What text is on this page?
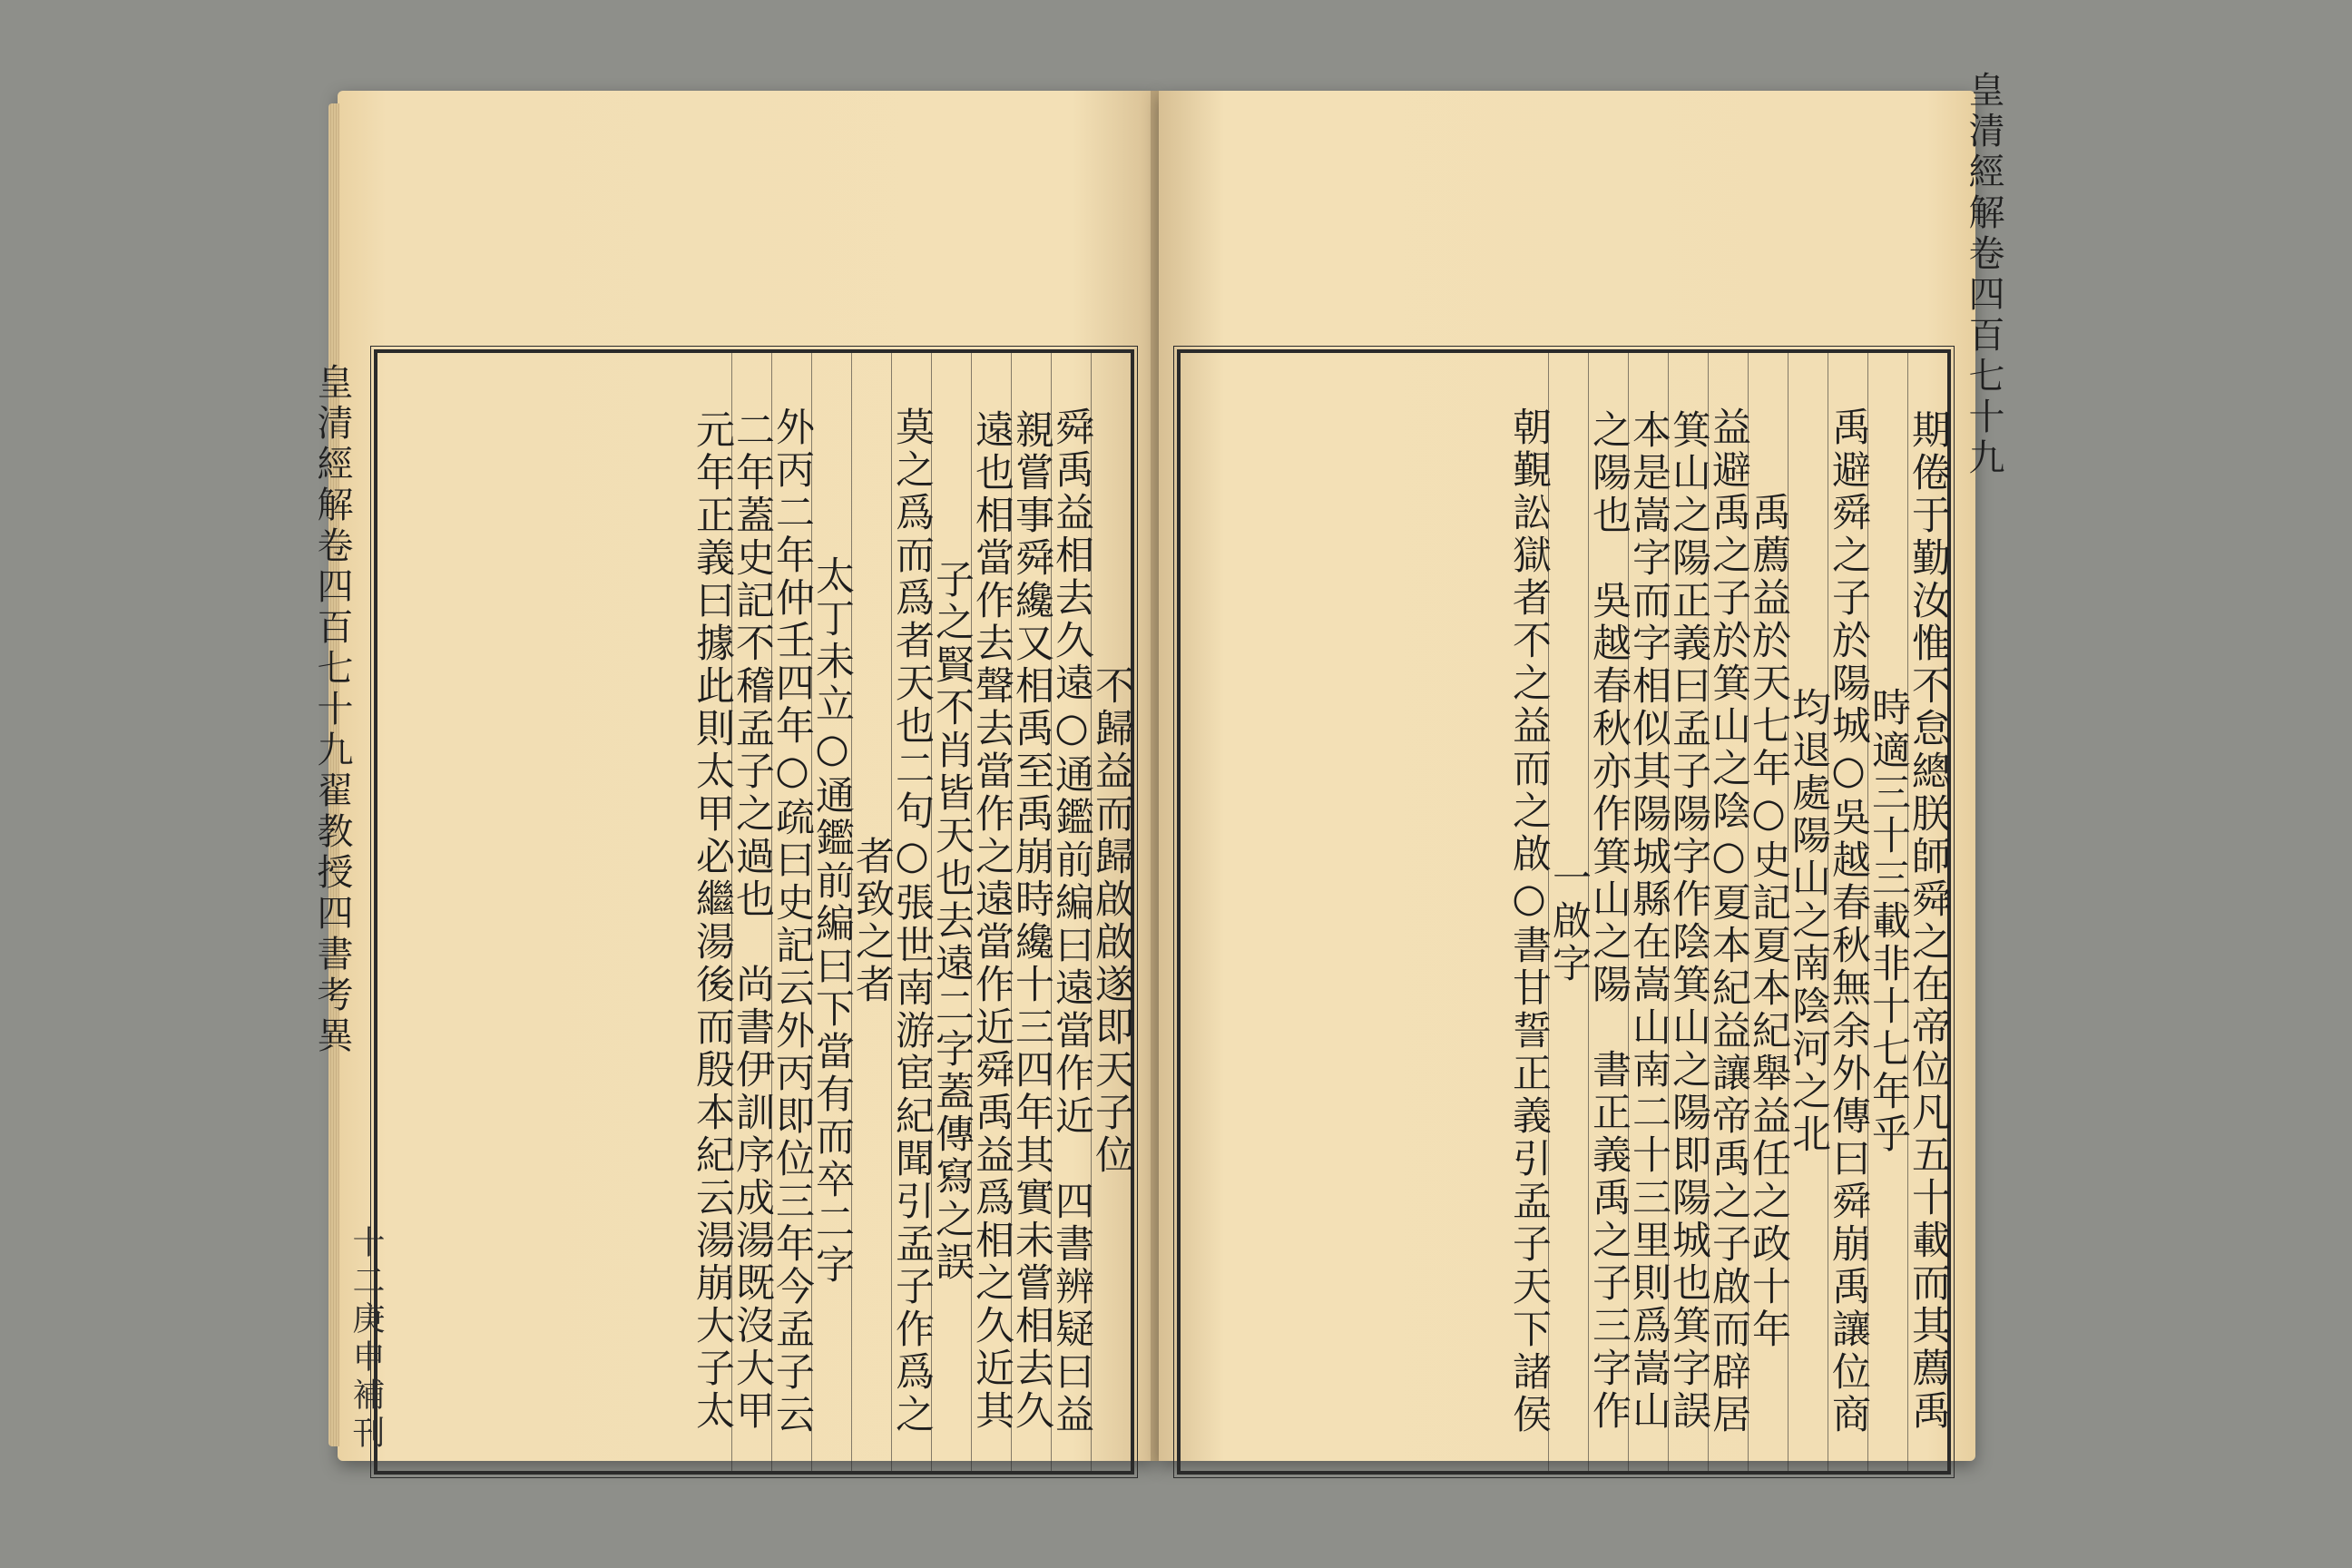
皇清經解卷四百七十九翟教授四書考異
十二庚申補刊
不歸益而歸啟啟遂即天子位
舜禹益相去久遠○通鑑前編曰遠當作近　四書辨疑曰益
親嘗事舜纔又相禹至禹崩時纔十三四年其實未嘗相去久
遠也相當作去聲去當作之遠當作近舜禹益爲相之久近其
子之賢不肖皆天也去遠二字蓋傳寫之誤
莫之爲而爲者天也二句○張世南游宦紀聞引孟子作爲之
者致之者
太丁未立○通鑑前編曰下當有而卒二字
外丙二年仲壬四年○疏曰史記云外丙即位三年今孟子云
二年蓋史記不稽孟子之過也　尚書伊訓序成湯既沒大甲
元年正義曰據此則太甲必繼湯後而殷本紀云湯崩大子太
皇清經解卷四百七十九
期倦于勤汝惟不怠總朕師舜之在帝位凡五十載而其薦禹
時適三十三載非十七年乎
禹避舜之子於陽城○吳越春秋無余外傳曰舜崩禹讓位商
均退處陽山之南陰河之北
禹薦益於天七年○史記夏本紀舉益任之政十年
益避禹之子於箕山之陰○夏本紀益讓帝禹之子啟而辟居
箕山之陽正義曰孟子陽字作陰箕山之陽即陽城也箕字誤
本是嵩字而字相似其陽城縣在嵩山南二十三里則爲嵩山
之陽也　吳越春秋亦作箕山之陽　書正義禹之子三字作
一啟字
朝覲訟獄者不之益而之啟○書甘誓正義引孟子天下諸侯
